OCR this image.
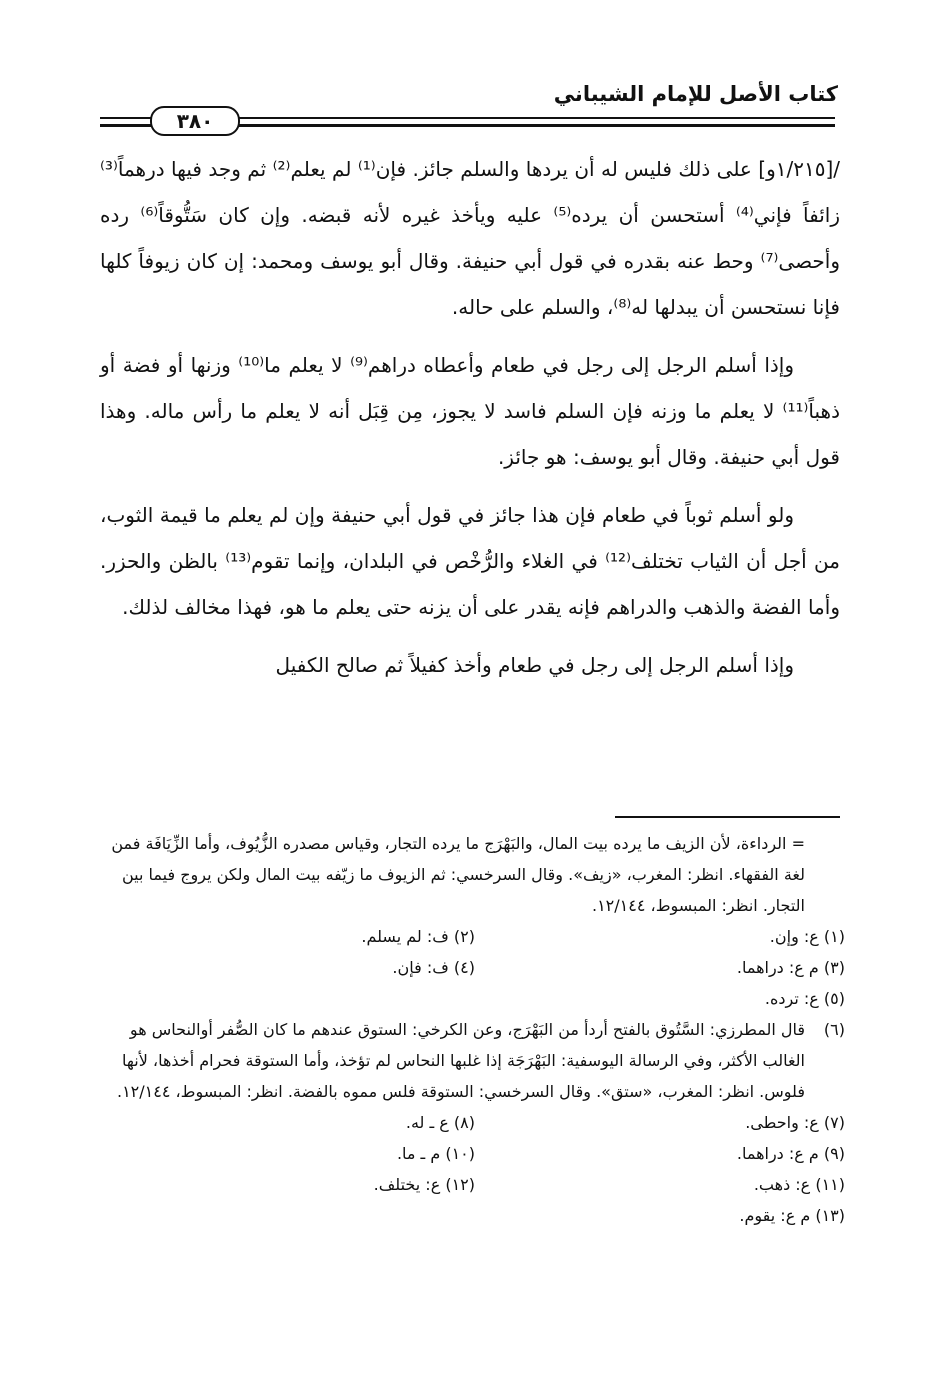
كتاب الأصل للإمام الشيباني
٣٨٠

/[١/٢١٥و] على ذلك فليس له أن يردها والسلم جائز. فإن⁽¹⁾ لم يعلم⁽²⁾ ثم وجد فيها درهماً⁽³⁾ زائفاً فإني⁽⁴⁾ أستحسن أن يرده⁽⁵⁾ عليه ويأخذ غيره لأنه قبضه. وإن كان سَتُّوقاً⁽⁶⁾ رده وأحصى⁽⁷⁾ وحط عنه بقدره في قول أبي حنيفة. وقال أبو يوسف ومحمد: إن كان زيوفاً كلها فإنا نستحسن أن يبدلها له⁽⁸⁾، والسلم على حاله.

وإذا أسلم الرجل إلى رجل في طعام وأعطاه دراهم⁽⁹⁾ لا يعلم ما⁽¹⁰⁾ وزنها أو فضة أو ذهباً⁽¹¹⁾ لا يعلم ما وزنه فإن السلم فاسد لا يجوز، مِن قِبَل أنه لا يعلم ما رأس ماله. وهذا قول أبي حنيفة. وقال أبو يوسف: هو جائز.

ولو أسلم ثوباً في طعام فإن هذا جائز في قول أبي حنيفة وإن لم يعلم ما قيمة الثوب، من أجل أن الثياب تختلف⁽¹²⁾ في الغلاء والرُّخْص في البلدان، وإنما تقوم⁽¹³⁾ بالظن والحزر. وأما الفضة والذهب والدراهم فإنه يقدر على أن يزنه حتى يعلم ما هو، فهذا مخالف لذلك.

وإذا أسلم الرجل إلى رجل في طعام وأخذ كفيلاً ثم صالح الكفيل

= الرداءة، لأن الزيف ما يرده بيت المال، والبَهْرَج ما يرده التجار، وقياس مصدره الزُّيُوف، وأما الزِّيَافَة فمن لغة الفقهاء. انظر: المغرب، «زيف». وقال السرخسي: ثم الزيوف ما زيّفه بيت المال ولكن يروج فيما بين التجار. انظر: المبسوط، ١٢/١٤٤.

(١) ع: وإن.
(٢) ف: لم يسلم.
(٣) م ع: دراهما.
(٤) ف: فإن.
(٥) ع: ترده.

(٦)قال المطرزي: السَّتُوق بالفتح أردأ من البَهْرَج، وعن الكرخي: الستوق عندهم ما كان الصُّفر أوالنحاس هو الغالب الأكثر، وفي الرسالة اليوسفية: البَهْرَجَة إذا غلبها النحاس لم تؤخذ، وأما الستوقة فحرام أخذها، لأنها فلوس. انظر: المغرب، «ستق». وقال السرخسي: الستوقة فلس مموه بالفضة. انظر: المبسوط، ١٢/١٤٤.

(٧) ع: واحطى.
(٨) ع ـ له.
(٩) م ع: دراهما.
(١٠) م ـ ما.
(١١) ع: ذهب.
(١٢) ع: يختلف.
(١٣) م ع: يقوم.
